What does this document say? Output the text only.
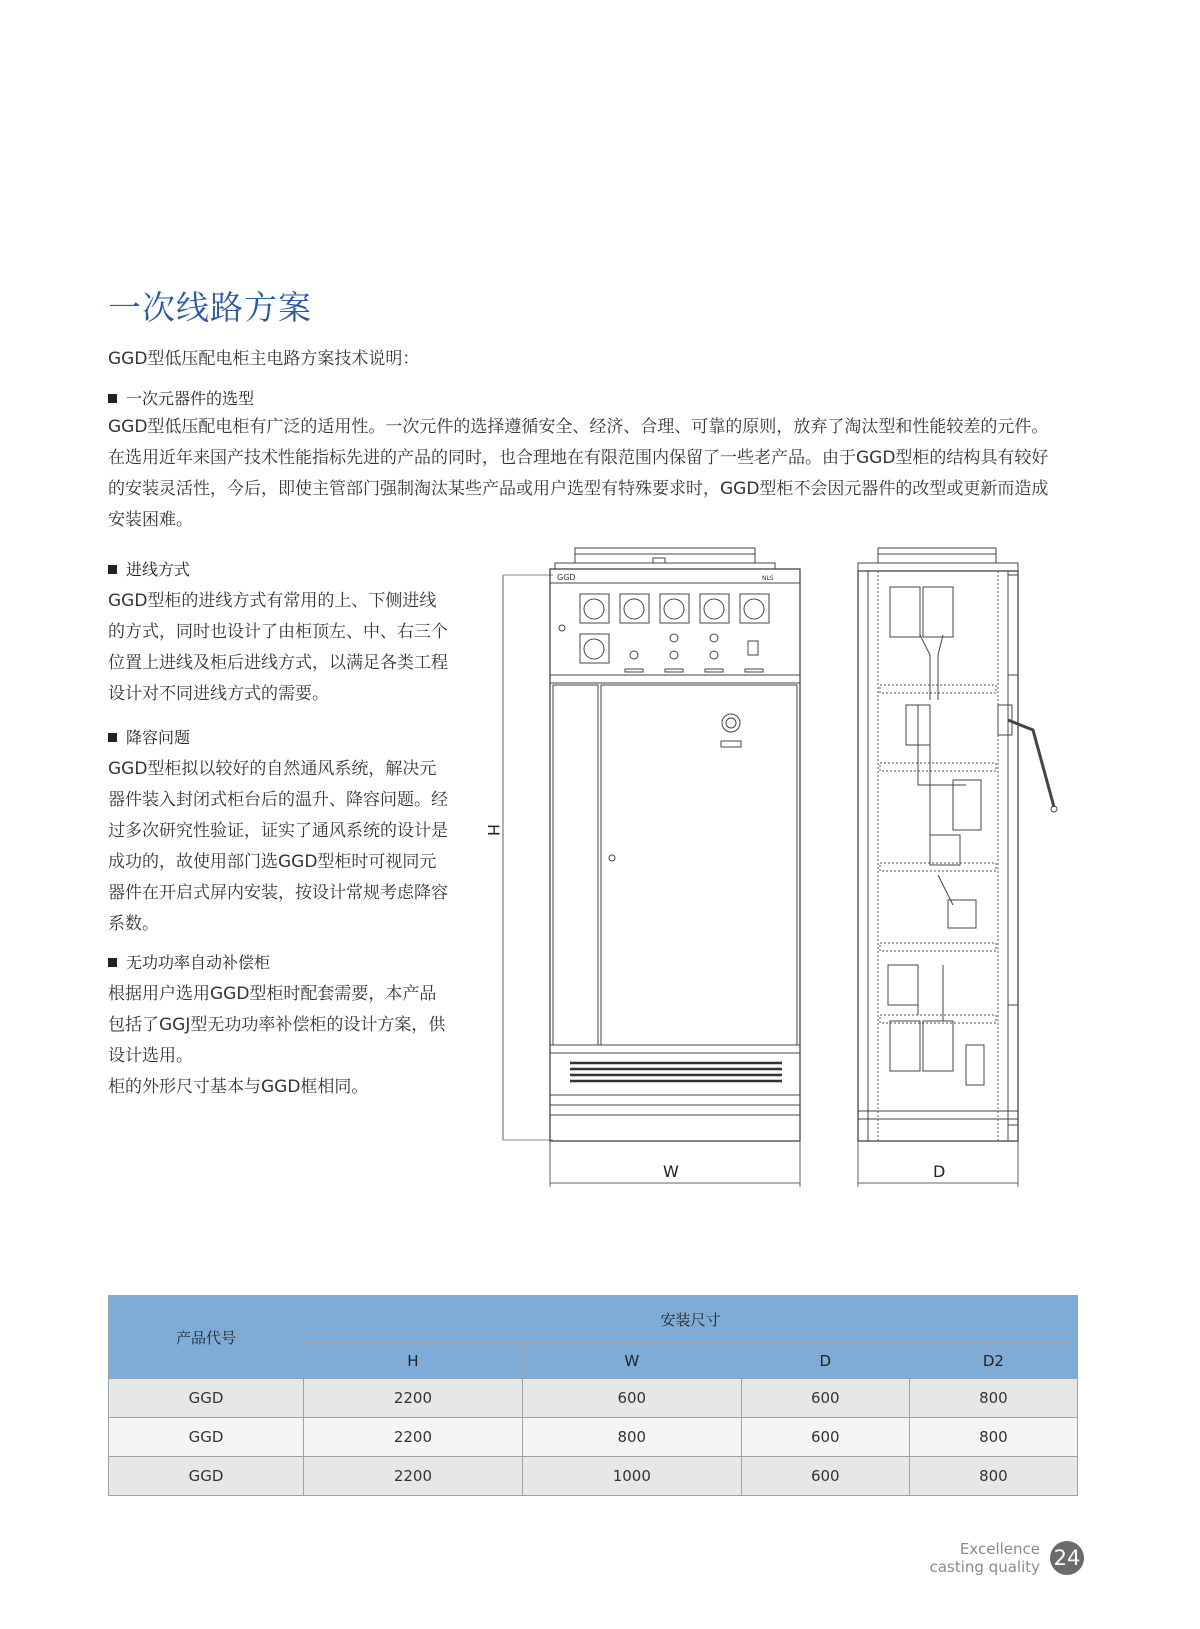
一次线路方案
GGD型低压配电柜主电路方案技术说明：
一次元器件的选型
GGD型低压配电柜有广泛的适用性。一次元件的选择遵循安全、经济、合理、可靠的原则，放弃了淘汰型和性能较差的元件。
在选用近年来国产技术性能指标先进的产品的同时，也合理地在有限范围内保留了一些老产品。由于GGD型柜的结构具有较好
的安装灵活性，今后，即使主管部门强制淘汰某些产品或用户选型有特殊要求时，GGD型柜不会因元器件的改型或更新而造成
安装困难。
进线方式
GGD型柜的进线方式有常用的上、下侧进线
的方式，同时也设计了由柜顶左、中、右三个
位置上进线及柜后进线方式，以满足各类工程
设计对不同进线方式的需要。
降容问题
GGD型柜拟以较好的自然通风系统，解决元
器件装入封闭式柜台后的温升、降容问题。经
过多次研究性验证，证实了通风系统的设计是
成功的，故使用部门选GGD型柜时可视同元
器件在开启式屏内安装，按设计常规考虑降容
系数。
无功功率自动补偿柜
根据用户选用GGD型柜时配套需要，本产品
包括了GGJ型无功功率补偿柜的设计方案，供
设计选用。
柜的外形尺寸基本与GGD框相同。
H
GGD	NLS
W	D
产品代号	安装尺寸			
	H	W	D	D2
GGD	2200	600	600	800
GGD	2200	800	600	800
GGD	2200	1000	600	800
Excellence
casting quality 24
